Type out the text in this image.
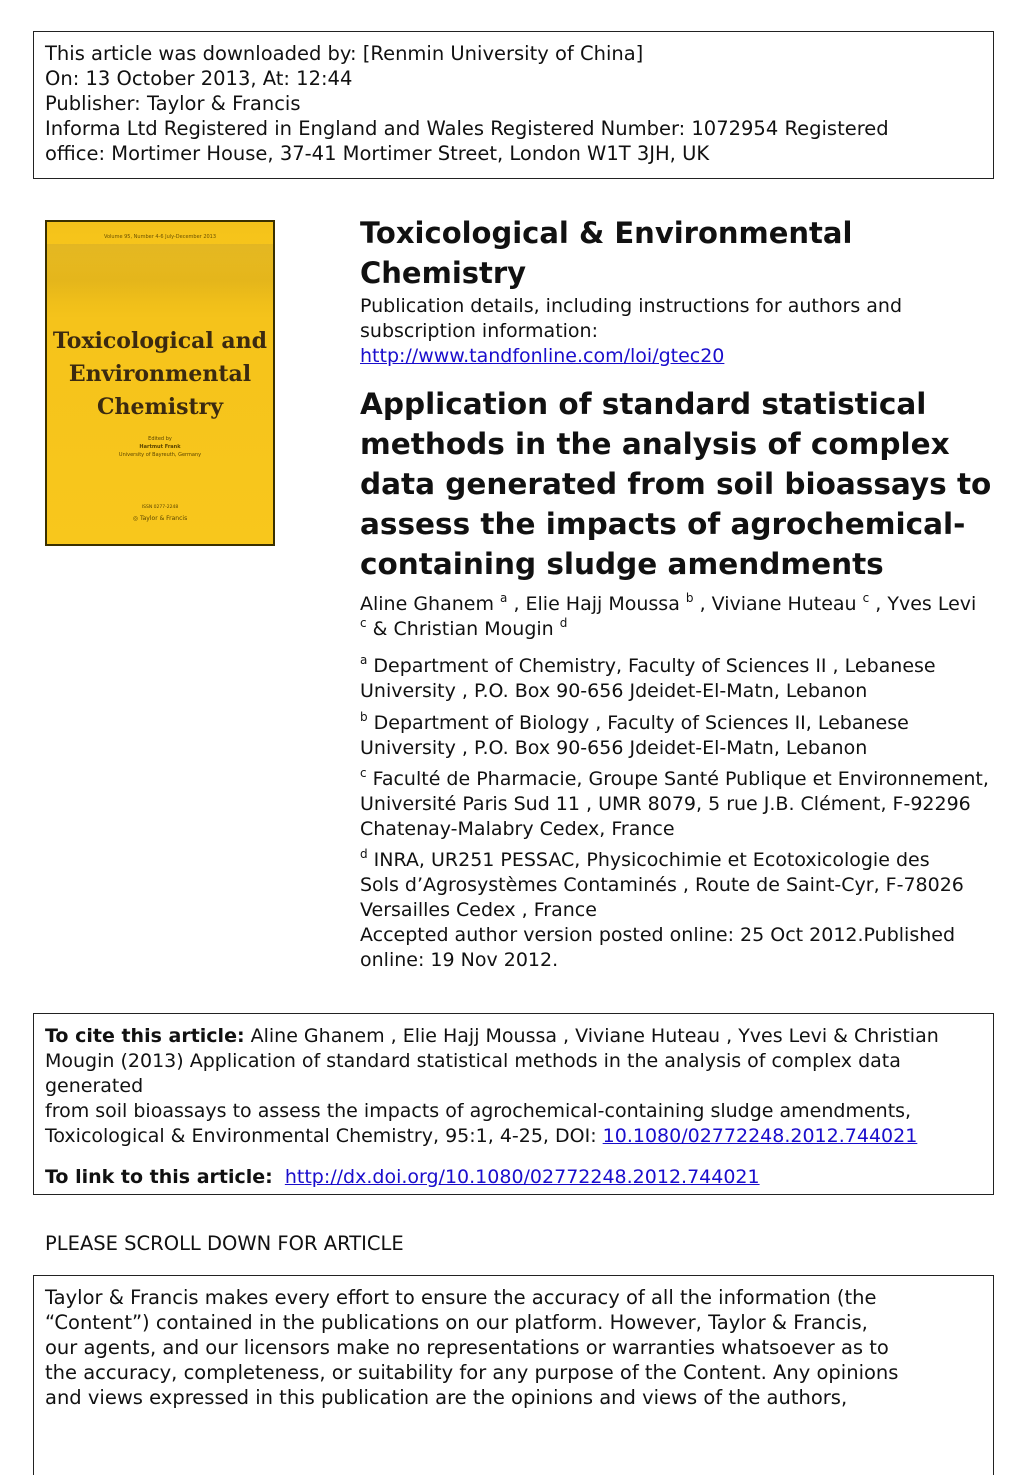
This article was downloaded by: [Renmin University of China]
On: 13 October 2013, At: 12:44
Publisher: Taylor & Francis
Informa Ltd Registered in England and Wales Registered Number: 1072954 Registered
office: Mortimer House, 37-41 Mortimer Street, London W1T 3JH, UK
Volume 95, Number 4-6 July-December 2013
Toxicological and
Environmental
Chemistry
Edited by
Hartmut Frank
University of Bayreuth, Germany
ISSN 0277-2248
◎ Taylor & Francis
Toxicological & Environmental
Chemistry
Publication details, including instructions for authors and
subscription information:
http://www.tandfonline.com/loi/gtec20
Application of standard statistical
methods in the analysis of complex
data generated from soil bioassays to
assess the impacts of agrochemical-
containing sludge amendments
Aline Ghanem $^a$ , Elie Hajj Moussa $^b$ , Viviane Huteau $^c$ , Yves Levi
$^c$ & Christian Mougin $^d$
$^a$ Department of Chemistry, Faculty of Sciences II , Lebanese
University , P.O. Box 90-656 Jdeidet-El-Matn, Lebanon
$^b$ Department of Biology , Faculty of Sciences II, Lebanese
University , P.O. Box 90-656 Jdeidet-El-Matn, Lebanon
$^c$ Faculté de Pharmacie, Groupe Santé Publique et Environnement,
Université Paris Sud 11 , UMR 8079, 5 rue J.B. Clément, F-92296
Chatenay-Malabry Cedex, France
$^d$ INRA, UR251 PESSAC, Physicochimie et Ecotoxicologie des
Sols d’Agrosystèmes Contaminés , Route de Saint-Cyr, F-78026
Versailles Cedex , France
Accepted author version posted online: 25 Oct 2012.Published
online: 19 Nov 2012.
To cite this article: Aline Ghanem , Elie Hajj Moussa , Viviane Huteau , Yves Levi & Christian
Mougin (2013) Application of standard statistical methods in the analysis of complex data generated
from soil bioassays to assess the impacts of agrochemical-containing sludge amendments,
Toxicological & Environmental Chemistry, 95:1, 4-25, DOI: 10.1080/02772248.2012.744021
To link to this article: http://dx.doi.org/10.1080/02772248.2012.744021
PLEASE SCROLL DOWN FOR ARTICLE
Taylor & Francis makes every effort to ensure the accuracy of all the information (the
“Content”) contained in the publications on our platform. However, Taylor & Francis,
our agents, and our licensors make no representations or warranties whatsoever as to
the accuracy, completeness, or suitability for any purpose of the Content. Any opinions
and views expressed in this publication are the opinions and views of the authors,
